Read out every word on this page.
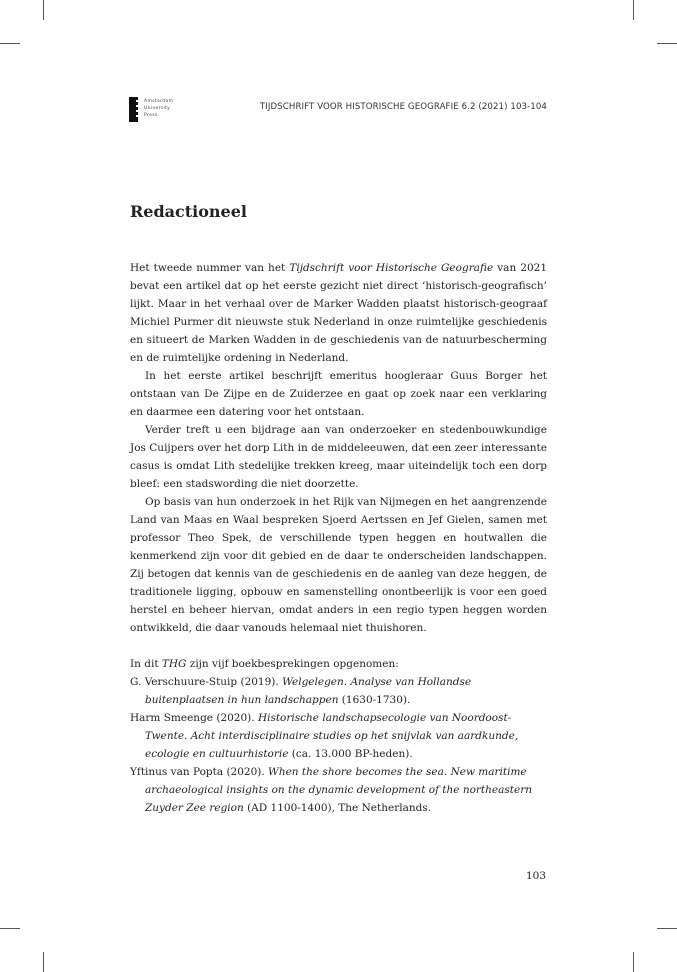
Amsterdam
University
Press
TIJDSCHRIFT VOOR HISTORISCHE GEOGRAFIE 6.2 (2021) 103-104
Redactioneel

Het tweede nummer van het Tijdschrift voor Historische Geografie van 2021 bevat een artikel dat op het eerste gezicht niet direct ‘historisch-geografisch’ lijkt. Maar in het verhaal over de Marker Wadden plaatst historisch-geograaf Michiel Purmer dit nieuwste stuk Nederland in onze ruimtelijke geschiedenis en situeert de Marken Wadden in de geschiedenis van de natuurbescherming en de ruimtelijke ordening in Nederland.

In het eerste artikel beschrijft emeritus hoogleraar Guus Borger het ontstaan van De Zijpe en de Zuiderzee en gaat op zoek naar een verklaring en daarmee een datering voor het ontstaan.

Verder treft u een bijdrage aan van onderzoeker en stedenbouwkundige Jos Cuijpers over het dorp Lith in de middeleeuwen, dat een zeer interessante casus is omdat Lith stedelijke trekken kreeg, maar uiteindelijk toch een dorp bleef: een stadswording die niet doorzette.

Op basis van hun onderzoek in het Rijk van Nijmegen en het aangrenzende Land van Maas en Waal bespreken Sjoerd Aertssen en Jef Gielen, samen met professor Theo Spek, de verschillende typen heggen en houtwallen die kenmerkend zijn voor dit gebied en de daar te onderscheiden landschappen. Zij betogen dat kennis van de geschiedenis en de aanleg van deze heggen, de traditionele ligging, opbouw en samenstelling onontbeerlijk is voor een goed herstel en beheer hiervan, omdat anders in een regio typen heggen worden ontwikkeld, die daar vanouds helemaal niet thuishoren.

In dit THG zijn vijf boekbesprekingen opgenomen:

G. Verschuure-Stuip (2019). Welgelegen. Analyse van Hollandse buitenplaatsen in hun landschappen (1630-1730).

Harm Smeenge (2020). Historische landschapsecologie van Noordoost-Twente. Acht interdisciplinaire studies op het snijvlak van aardkunde, ecologie en cultuurhistorie (ca. 13.000 BP-heden).

Yftinus van Popta (2020). When the shore becomes the sea. New maritime archaeological insights on the dynamic development of the northeastern Zuyder Zee region (AD 1100-1400), The Netherlands.

103
